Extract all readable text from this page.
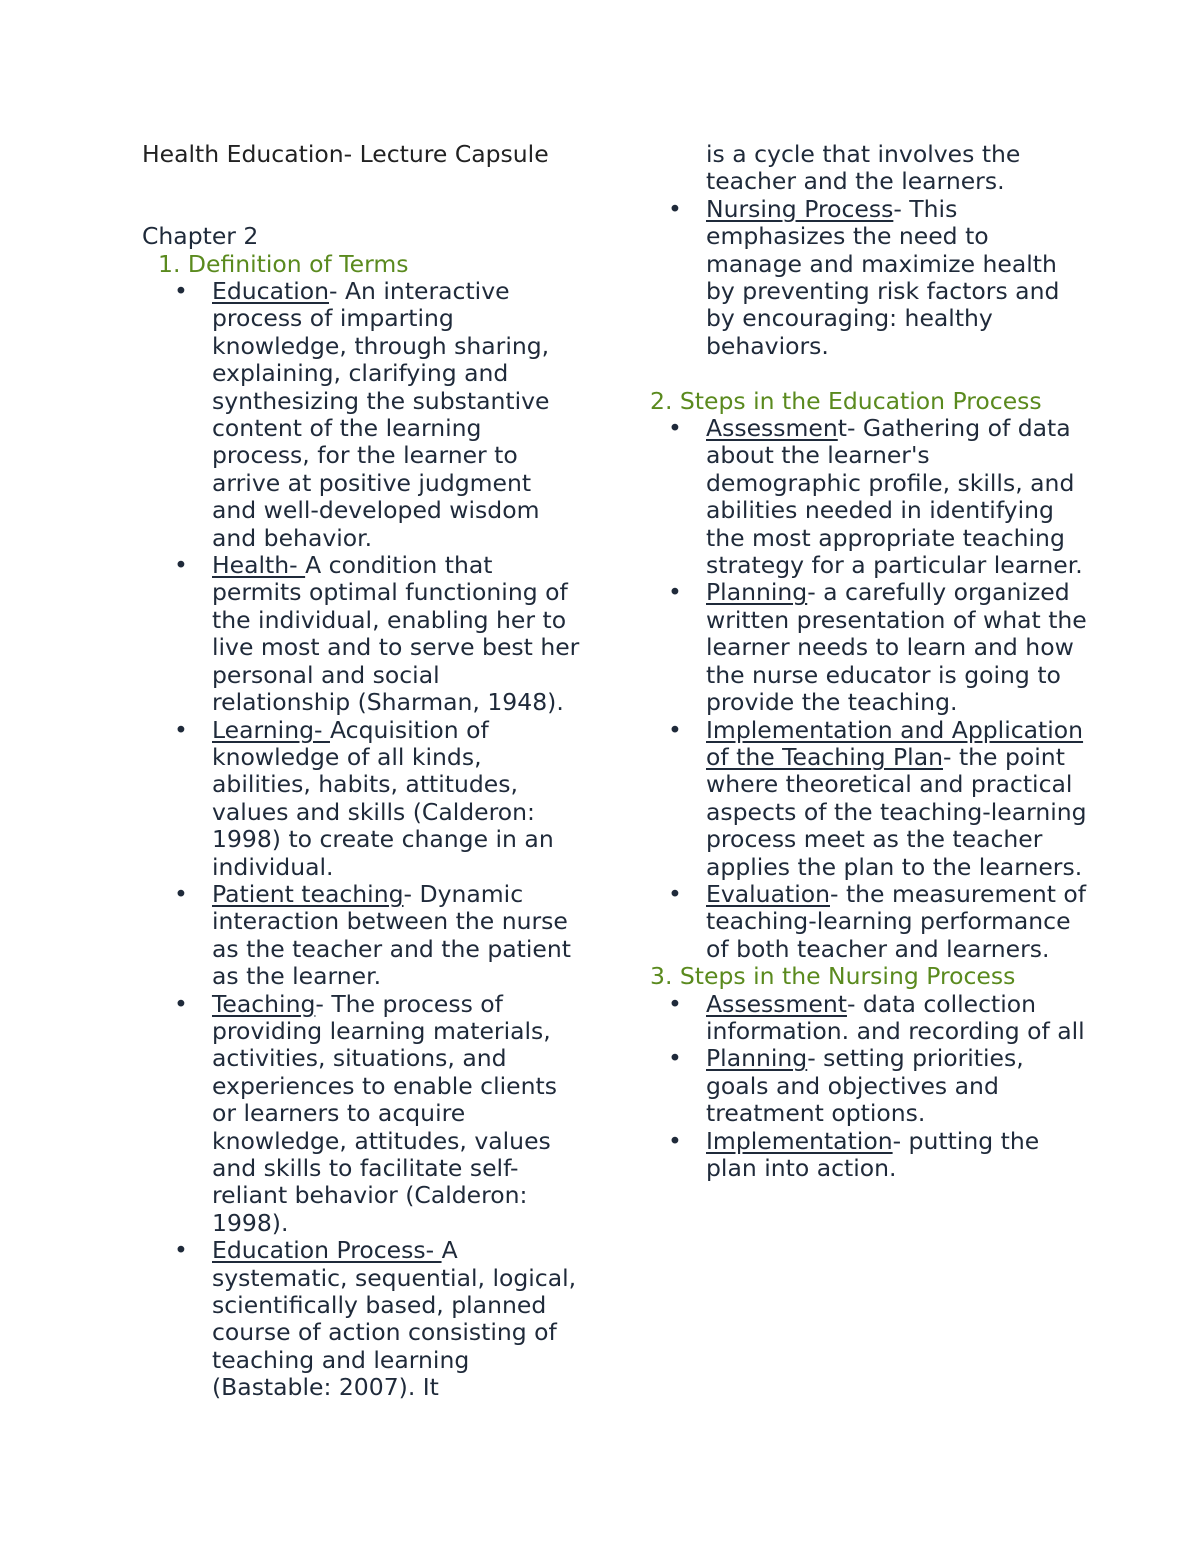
Health Education- Lecture Capsule
Chapter 2
1. Definition of Terms
• Education- An interactive process of imparting knowledge, through sharing, explaining, clarifying and synthesizing the substantive content of the learning process, for the learner to arrive at positive judgment and well-developed wisdom and behavior.
• Health- A condition that permits optimal functioning of the individual, enabling her to live most and to serve best her personal and social relationship (Sharman, 1948).
• Learning- Acquisition of knowledge of all kinds, abilities, habits, attitudes, values and skills (Calderon: 1998) to create change in an individual.
• Patient teaching- Dynamic interaction between the nurse as the teacher and the patient as the learner.
• Teaching- The process of providing learning materials, activities, situations, and experiences to enable clients or learners to acquire knowledge, attitudes, values and skills to facilitate self-reliant behavior (Calderon: 1998).
• Education Process- A systematic, sequential, logical, scientifically based, planned course of action consisting of teaching and learning (Bastable: 2007). It
is a cycle that involves the teacher and the learners.
• Nursing Process- This emphasizes the need to manage and maximize health by preventing risk factors and by encouraging: healthy behaviors.
2. Steps in the Education Process
• Assessment- Gathering of data about the learner's demographic profile, skills, and abilities needed in identifying the most appropriate teaching strategy for a particular learner.
• Planning- a carefully organized written presentation of what the learner needs to learn and how the nurse educator is going to provide the teaching.
• Implementation and Application of the Teaching Plan- the point where theoretical and practical aspects of the teaching-learning process meet as the teacher applies the plan to the learners.
• Evaluation- the measurement of teaching-learning performance of both teacher and learners.
3. Steps in the Nursing Process
• Assessment- data collection information. and recording of all
• Planning- setting priorities, goals and objectives and treatment options.
• Implementation- putting the plan into action.
